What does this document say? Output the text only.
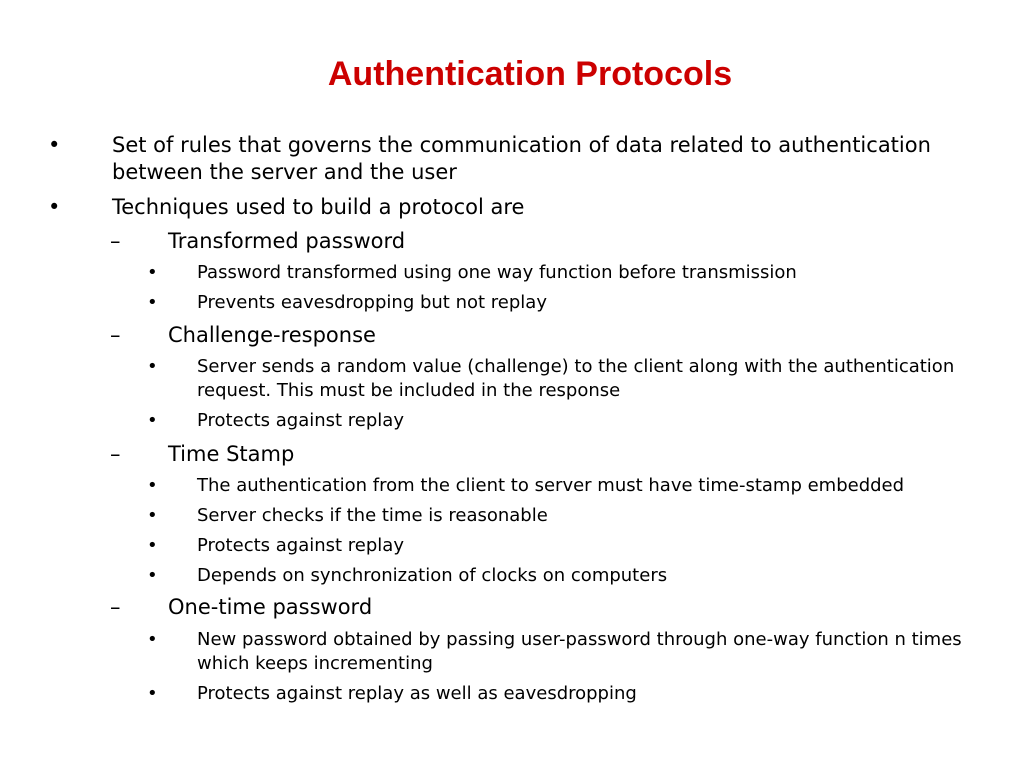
Authentication Protocols
• Set of rules that governs the communication of data related to authentication between the server and the user
• Techniques used to build a protocol are
– Transformed password
• Password transformed using one way function before transmission
• Prevents eavesdropping but not replay
– Challenge-response
• Server sends a random value (challenge) to the client along with the authentication request. This must be included in the response
• Protects against replay
– Time Stamp
• The authentication from the client to server must have time-stamp embedded
• Server checks if the time is reasonable
• Protects against replay
• Depends on synchronization of clocks on computers
– One-time password
• New password obtained by passing user-password through one-way function n times which keeps incrementing
• Protects against replay as well as eavesdropping
